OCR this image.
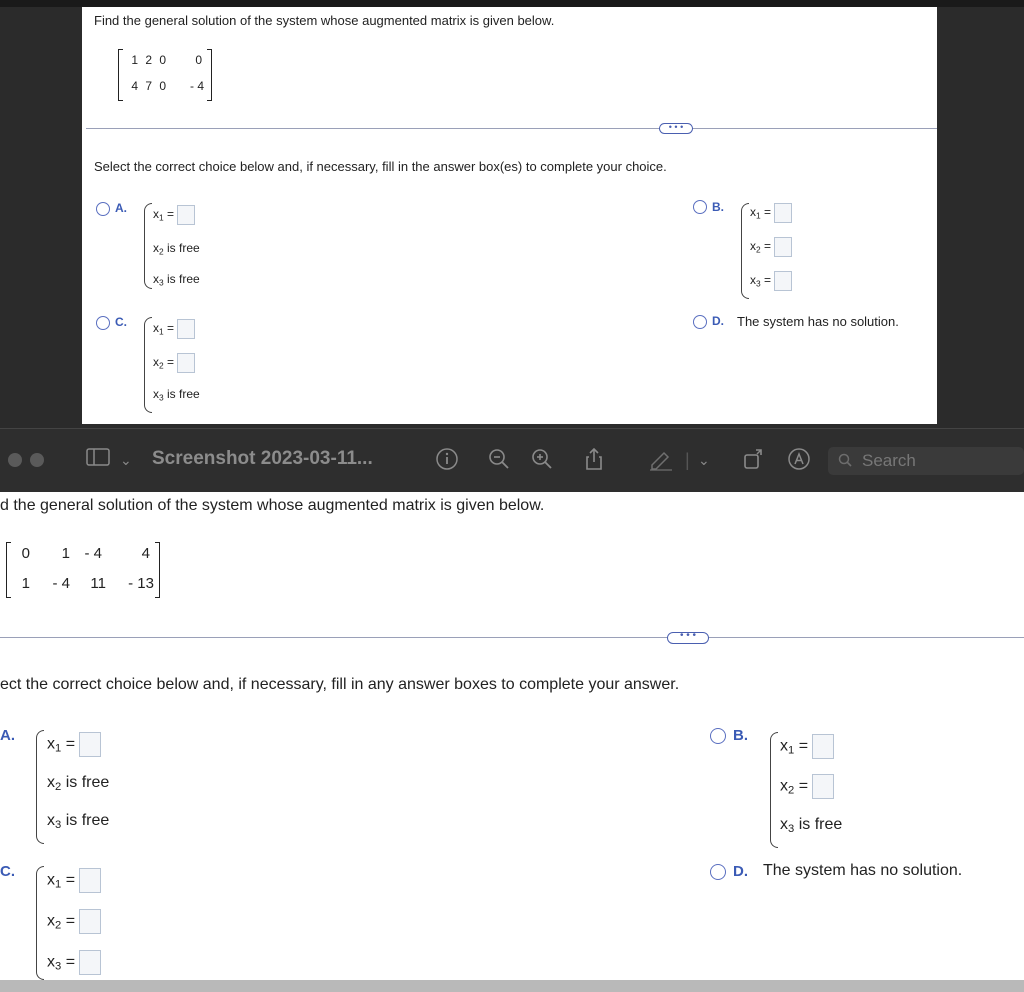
Find the general solution of the system whose augmented matrix is given below.
1 2 0	0
4 7 0	- 4
• • •
Select the correct choice below and, if necessary, fill in the answer box(es) to complete your choice.
A. $x_1$ =
$x_2$ is free
$x_3$ is free
B. $x_1$ =
$x_2$ =
$x_3$ =
C. $x_1$ =
$x_2$ =
$x_3$ is free
D. The system has no solution.
⌄ Screenshot 2023-03-11...	| ⌄	Search
d the general solution of the system whose augmented matrix is given below.
0	1 - 4	4
1	- 4	11	- 13
• • •
ect the correct choice below and, if necessary, fill in any answer boxes to complete your answer.
A.
$x_1$ =
$x_2$ is free
$x_3$ is free
B.
$x_1$ =
$x_2$ =
$x_3$ is free
C.
$x_1$ =
$x_2$ =
$x_3$ =
D. The system has no solution.
